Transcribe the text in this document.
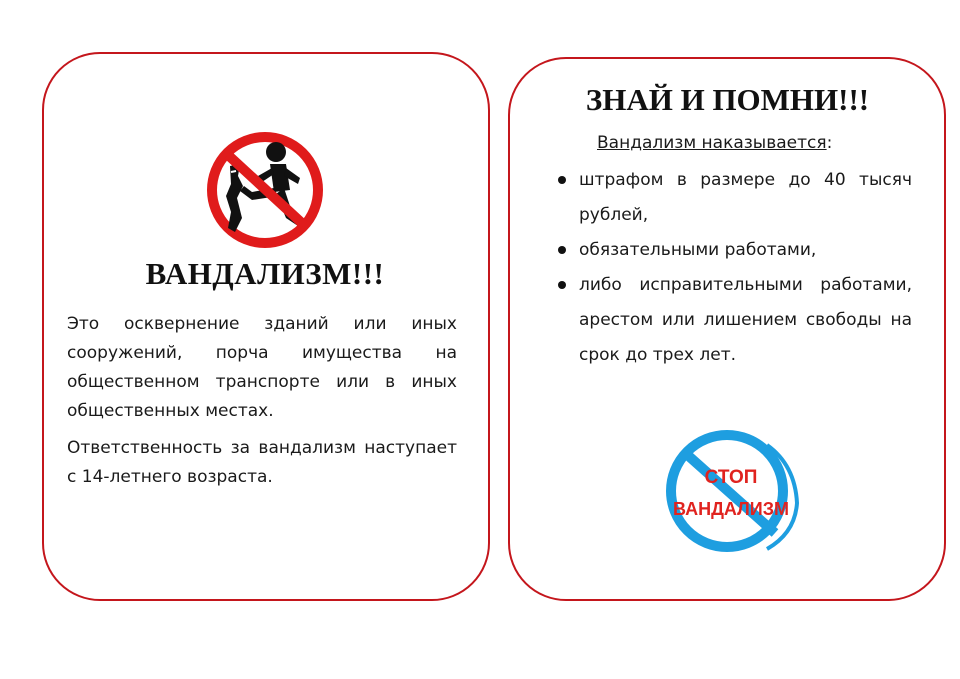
ВАНДАЛИЗМ!!!

Это осквернение зданий или иных сооружений, порча имущества на общественном транспорте или в иных общественных местах.

Ответственность за вандализм наступает с 14-летнего возраста.

ЗНАЙ И ПОМНИ!!!
Вандализм наказывается:
штрафом в размере до 40 тысяч рублей,
обязательными работами,
либо исправительными работами, арестом или лишением свободы на срок до трех лет.
СТОП
ВАНДАЛИЗМ
